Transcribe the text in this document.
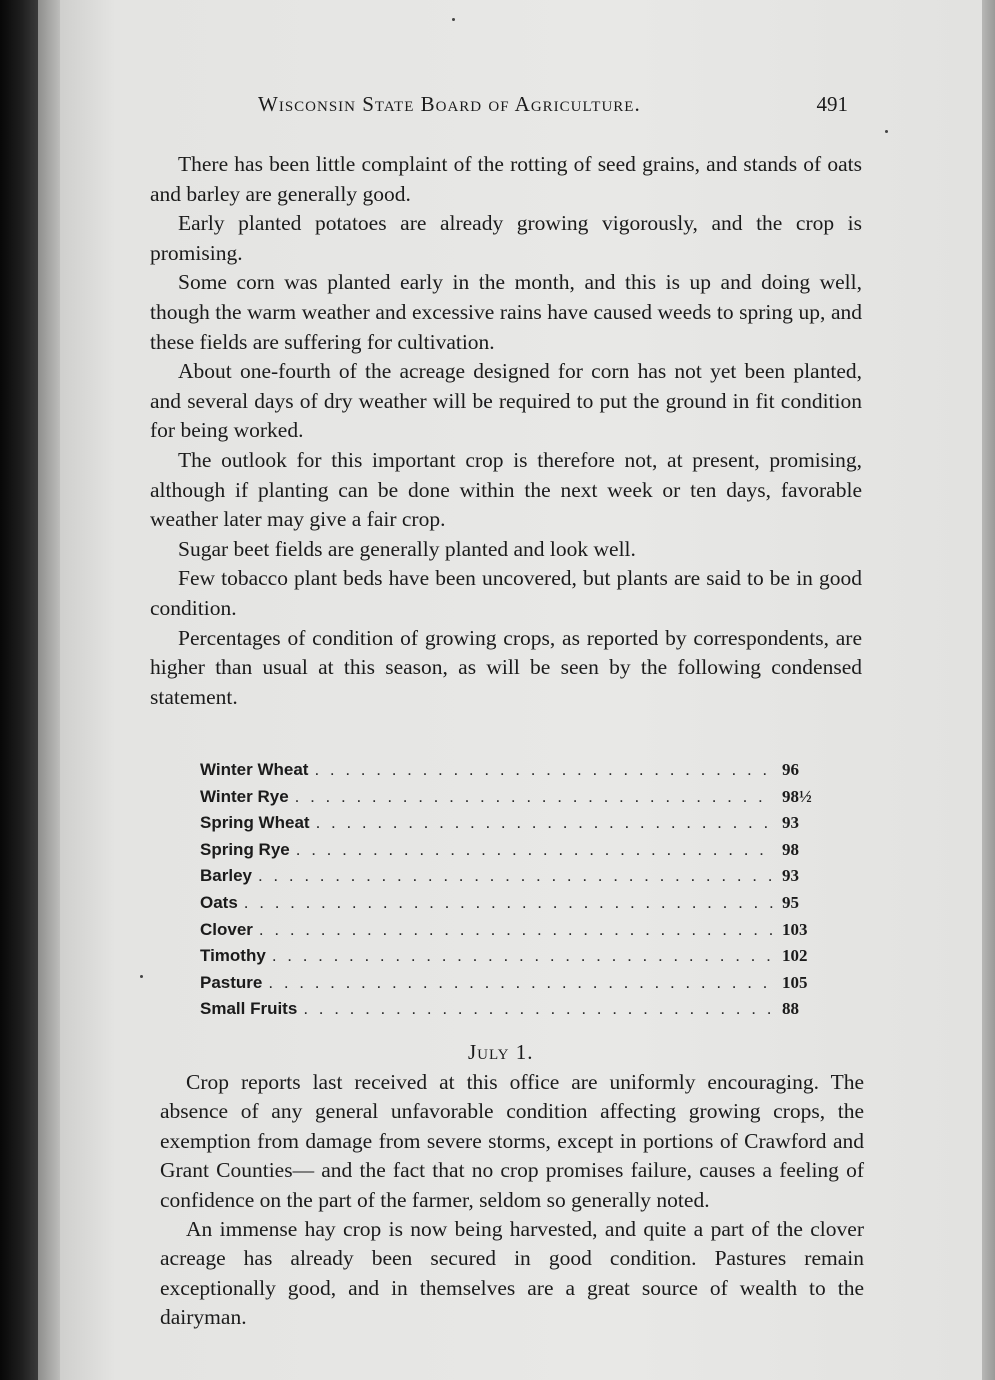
Wisconsin State Board of Agriculture.	491

There has been little complaint of the rotting of seed grains, and stands of oats and barley are generally good.

Early planted potatoes are already growing vigorously, and the crop is promising.

Some corn was planted early in the month, and this is up and doing well, though the warm weather and excessive rains have caused weeds to spring up, and these fields are suffering for cultivation.

About one-fourth of the acreage designed for corn has not yet been planted, and several days of dry weather will be required to put the ground in fit condition for being worked.

The outlook for this important crop is therefore not, at present, promising, although if planting can be done within the next week or ten days, favorable weather later may give a fair crop.

Sugar beet fields are generally planted and look well.

Few tobacco plant beds have been uncovered, but plants are said to be in good condition.

Percentages of condition of growing crops, as reported by correspondents, are higher than usual at this season, as will be seen by the following condensed statement.

Winter Wheat . . .	96
Winter Rye . . .	98½
Spring Wheat . . .	93
Spring Rye . . .	98
Barley . . .	93
Oats . . .	95
Clover . . .	103
Timothy . . .	102
Pasture . . .	105
Small Fruits . . .	88
July 1.

Crop reports last received at this office are uniformly encouraging. The absence of any general unfavorable condition affecting growing crops, the exemption from damage from severe storms, except in portions of Crawford and Grant Counties— and the fact that no crop promises failure, causes a feeling of confidence on the part of the farmer, seldom so generally noted.

An immense hay crop is now being harvested, and quite a part of the clover acreage has already been secured in good condition. Pastures remain exceptionally good, and in themselves are a great source of wealth to the dairyman.
